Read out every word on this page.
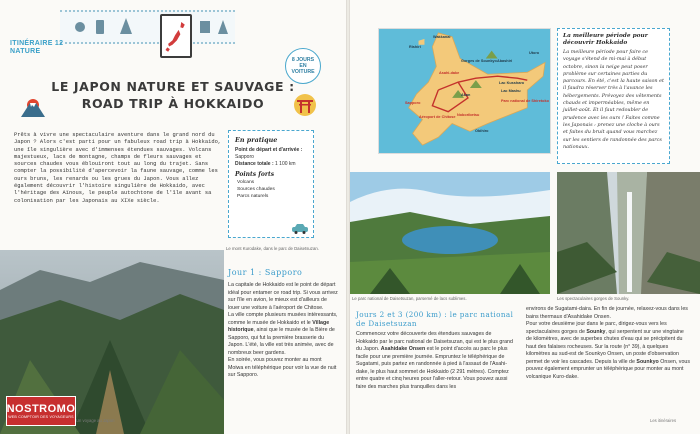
ITINÉRAIRE 12
NATURE
8 JOURS EN VOITURE
LE JAPON NATURE ET SAUVAGE :
ROAD TRIP À HOKKAIDO

Prêts à vivre une spectaculaire aventure dans le grand nord du Japon ? Alors c'est parti pour un fabuleux road trip à Hokkaido, une île singulière avec d'immenses étendues sauvages. Volcans majestueux, lacs de montagne, champs de fleurs sauvages et sources chaudes vous éblouiront tout au long du trajet. Sans compter la possibilité d'apercevoir la faune sauvage, comme les ours bruns, les renards ou les grues du Japon. Vous allez également découvrir l'histoire singulière de Hokkaido, avec l'héritage des Aïnous, le peuple autochtone de l'île avant sa colonisation par les Japonais au XIXe siècle.

En pratique
Point de départ et d'arrivée :
Sapporo
Distance totale : 1 100 km
Points forts
Volcans
Sources chaudes
Parcs naturels
Le mont Kurodake, dans le parc de Daisetsuzan.
Jour 1 : Sapporo

La capitale de Hokkaido est le point de départ idéal pour entamer ce road trip. Si vous arrivez sur l'île en avion, le mieux est d'ailleurs de louer une voiture à l'aéroport de Chitose.

La ville compte plusieurs musées intéressants, comme le musée de Hokkaido et le Village historique, ainsi que le musée de la Bière de Sapporo, qui fut la première brasserie du Japon. L'été, la ville est très animée, avec de nombreux beer gardens.

En soirée, vous pouvez monter au mont Moiwa en téléphérique pour voir la vue de nuit sur Sapporo.

NOSTROMO
WEB COMPTOIR DES VOYAGEURS
Un voyage au Japon
Wakkanai
Rishiri
Gorges de Sounkyo Abashiri
Utoro
Asahi-dake
Lac Kussharo
Lac Mashu
Parc national de Shiretoko
Sapporo
Akan
Aéroport de Chitose Noboribetsu
Obihiro
La meilleure période pour découvrir Hokkaido

La meilleure période pour faire ce voyage s'étend de mi-mai à début octobre, sinon la neige peut poser problème sur certaines parties du parcours. En été, c'est la haute saison et il faudra réserver très à l'avance les hébergements. Prévoyez des vêtements chauds et imperméables, même en juillet-août. Et il faut redoubler de prudence avec les ours ! Faites comme les Japonais : prenez une cloche à ours et faites du bruit quand vous marchez sur les sentiers de randonnée des parcs nationaux.

Le parc national de Daisetsuzan, parsemé de lacs sublimes.	Les spectaculaires gorges de Sounky.
Jours 2 et 3 (200 km) : le parc national de Daisetsuzan

Commencez votre découverte des étendues sauvages de Hokkaido par le parc national de Daisetsuzan, qui est le plus grand du Japon. Asahidake Onsen est le point d'accès au parc le plus facile pour une première journée. Empruntez le téléphérique de Sugatami, puis partez en randonnée à pied à l'assaut de l'Asahi-dake, le plus haut sommet de Hokkaido (2 291 mètres). Comptez entre quatre et cinq heures pour l'aller-retour. Vous pouvez aussi faire des marches plus tranquilles dans les

environs de Sugatami-daira. En fin de journée, relaxez-vous dans les bains thermaux d'Asahidake Onsen.

Pour votre deuxième jour dans le parc, dirigez-vous vers les spectaculaires gorges de Sounky, qui serpentent sur une vingtaine de kilomètres, avec de superbes chutes d'eau qui se précipitent du haut des falaises rocheuses. Sur la route (n° 39), à quelques kilomètres au sud-est de Sounkyo Onsen, un poste d'observation permet de voir les cascades. Depuis la ville de Sounkyo Onsen, vous pouvez également emprunter un téléphérique pour monter au mont volcanique Kuro-dake.

Les itinéraires
